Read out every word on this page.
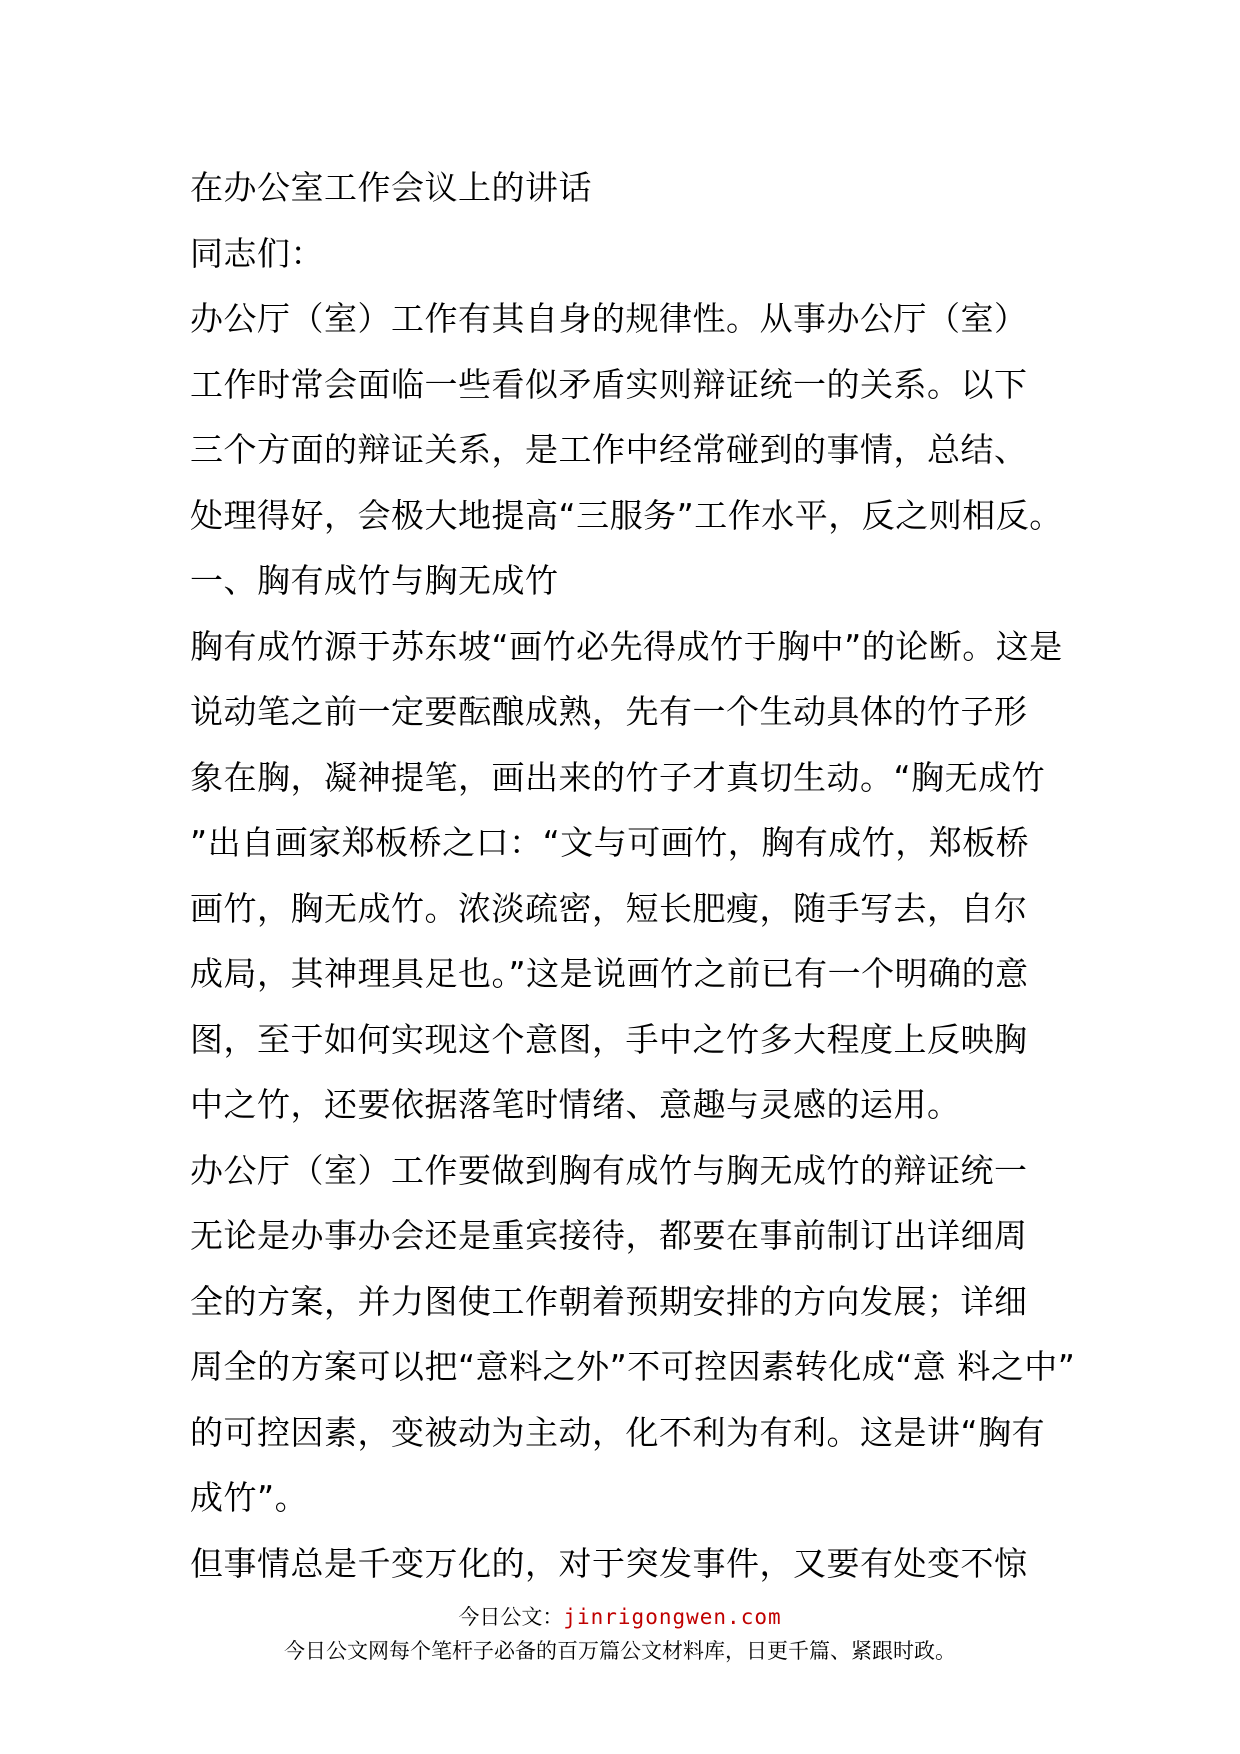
在办公室工作会议上的讲话
同志们：
办公厅（室）工作有其自身的规律性。从事办公厅（室）
工作时常会面临一些看似矛盾实则辩证统一的关系。以下
三个方面的辩证关系，是工作中经常碰到的事情，总结、
处理得好，会极大地提高“三服务”工作水平，反之则相反。
一、胸有成竹与胸无成竹
胸有成竹源于苏东坡“画竹必先得成竹于胸中”的论断。这是
说动笔之前一定要酝酿成熟，先有一个生动具体的竹子形
象在胸，凝神提笔，画出来的竹子才真切生动。“胸无成竹
”出自画家郑板桥之口：“文与可画竹，胸有成竹，郑板桥
画竹，胸无成竹。浓淡疏密，短长肥瘦，随手写去，自尔
成局，其神理具足也。”这是说画竹之前已有一个明确的意
图，至于如何实现这个意图，手中之竹多大程度上反映胸
中之竹，还要依据落笔时情绪、意趣与灵感的运用。
办公厅（室）工作要做到胸有成竹与胸无成竹的辩证统一
无论是办事办会还是重宾接待，都要在事前制订出详细周
全的方案，并力图使工作朝着预期安排的方向发展；详细
周全的方案可以把“意料之外”不可控因素转化成“意 料之中”
的可控因素，变被动为主动，化不利为有利。这是讲“胸有
成竹”。
但事情总是千变万化的，对于突发事件，又要有处变不惊
今日公文：jinrigongwen.com
今日公文网每个笔杆子必备的百万篇公文材料库，日更千篇、紧跟时政。
